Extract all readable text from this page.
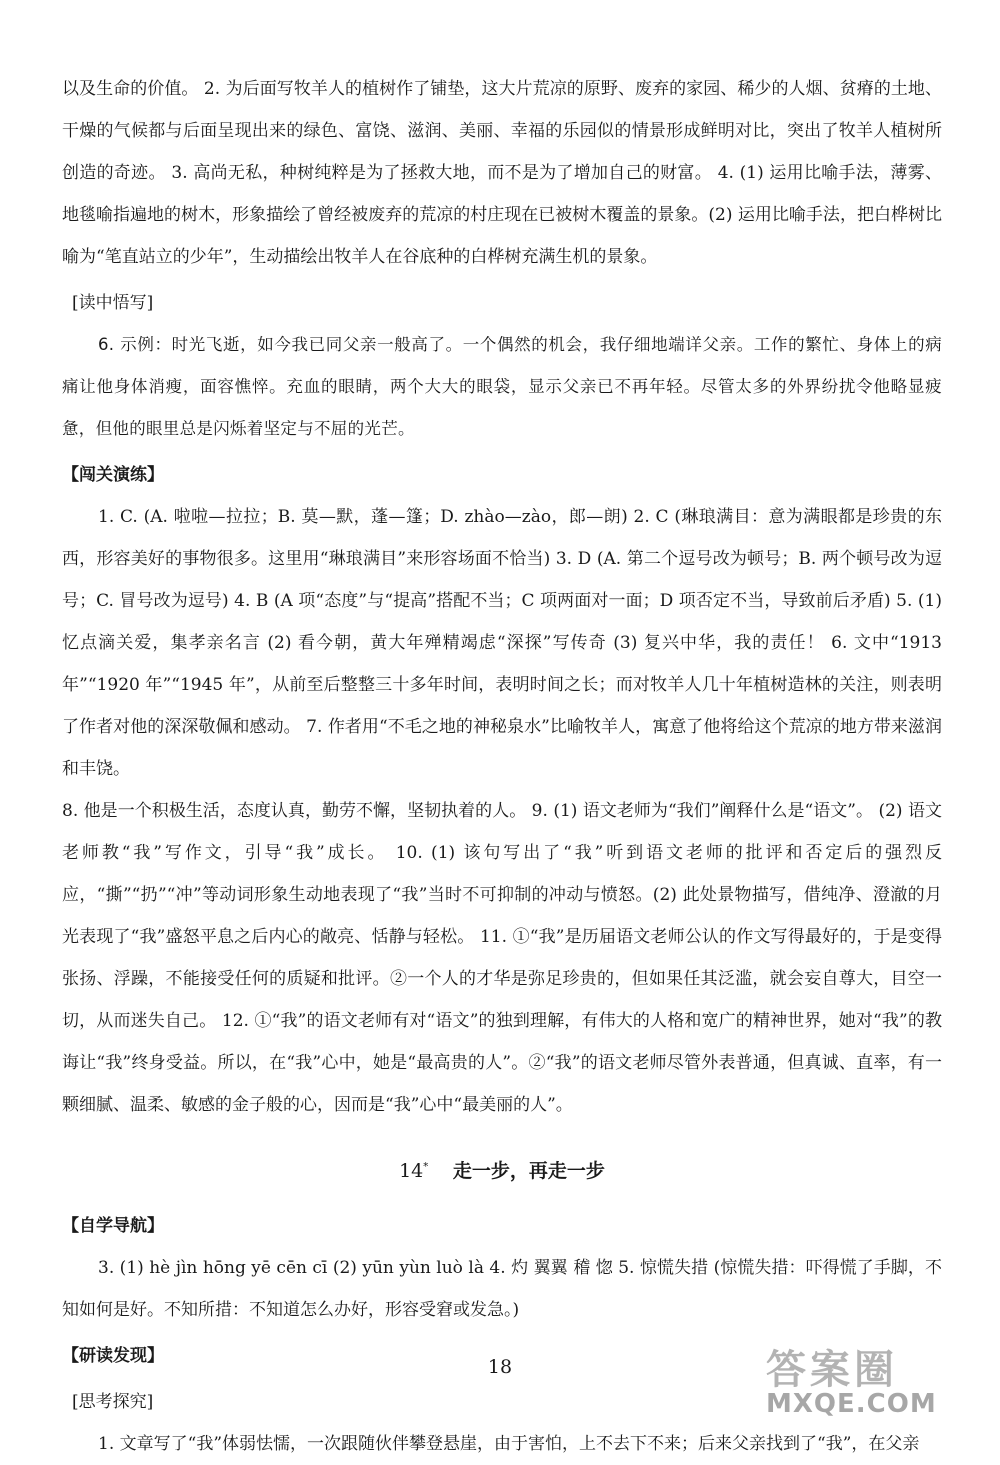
以及生命的价值。 2. 为后面写牧羊人的植树作了铺垫，这大片荒凉的原野、废弃的家园、稀少的人烟、贫瘠的土地、干燥的气候都与后面呈现出来的绿色、富饶、滋润、美丽、幸福的乐园似的情景形成鲜明对比，突出了牧羊人植树所创造的奇迹。 3. 高尚无私，种树纯粹是为了拯救大地，而不是为了增加自己的财富。 4. (1) 运用比喻手法，薄雾、地毯喻指遍地的树木，形象描绘了曾经被废弃的荒凉的村庄现在已被树木覆盖的景象。(2) 运用比喻手法，把白桦树比喻为“笔直站立的少年”，生动描绘出牧羊人在谷底种的白桦树充满生机的景象。

[读中悟写]

6. 示例：时光飞逝，如今我已同父亲一般高了。一个偶然的机会，我仔细地端详父亲。工作的繁忙、身体上的病痛让他身体消瘦，面容憔悴。充血的眼睛，两个大大的眼袋，显示父亲已不再年轻。尽管太多的外界纷扰令他略显疲惫，但他的眼里总是闪烁着坚定与不屈的光芒。

【闯关演练】

1. C. (A. 啦啦—拉拉；B. 莫—默，蓬—篷；D. zhào—zào，郎—朗) 2. C (琳琅满目：意为满眼都是珍贵的东西，形容美好的事物很多。这里用“琳琅满目”来形容场面不恰当) 3. D (A. 第二个逗号改为顿号；B. 两个顿号改为逗号；C. 冒号改为逗号) 4. B (A 项“态度”与“提高”搭配不当；C 项两面对一面；D 项否定不当，导致前后矛盾) 5. (1) 忆点滴关爱，集孝亲名言 (2) 看今朝，黄大年殚精竭虑“深探”写传奇 (3) 复兴中华，我的责任！ 6. 文中“1913 年”“1920 年”“1945 年”，从前至后整整三十多年时间，表明时间之长；而对牧羊人几十年植树造林的关注，则表明了作者对他的深深敬佩和感动。 7. 作者用“不毛之地的神秘泉水”比喻牧羊人，寓意了他将给这个荒凉的地方带来滋润和丰饶。

8. 他是一个积极生活，态度认真，勤劳不懈，坚韧执着的人。 9. (1) 语文老师为“我们”阐释什么是“语文”。 (2) 语文老师教“我”写作文，引导“我”成长。 10. (1) 该句写出了“我”听到语文老师的批评和否定后的强烈反应，“撕”“扔”“冲”等动词形象生动地表现了“我”当时不可抑制的冲动与愤怒。(2) 此处景物描写，借纯净、澄澈的月光表现了“我”盛怒平息之后内心的敞亮、恬静与轻松。 11. ①“我”是历届语文老师公认的作文写得最好的，于是变得张扬、浮躁，不能接受任何的质疑和批评。②一个人的才华是弥足珍贵的，但如果任其泛滥，就会妄自尊大，目空一切，从而迷失自己。 12. ①“我”的语文老师有对“语文”的独到理解，有伟大的人格和宽广的精神世界，她对“我”的教诲让“我”终身受益。所以，在“我”心中，她是“最高贵的人”。②“我”的语文老师尽管外表普通，但真诚、直率，有一颗细腻、温柔、敏感的金子般的心，因而是“我”心中“最美丽的人”。

14* 走一步，再走一步

【自学导航】

3. (1) hè jìn hōng yē cēn cī (2) yūn yùn luò là 4. 灼 翼翼 稽 惚 5. 惊慌失措 (惊慌失措：吓得慌了手脚，不知如何是好。不知所措：不知道怎么办好，形容受窘或发急。)

【研读发现】

[思考探究]

1. 文章写了“我”体弱怯懦，一次跟随伙伴攀登悬崖，由于害怕，上不去下不来；后来父亲找到了“我”，在父亲

18	答案圈
MXQE.COM
